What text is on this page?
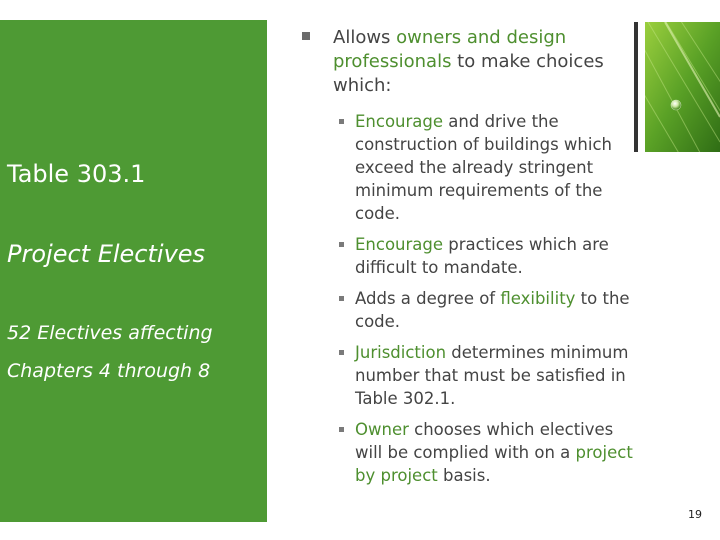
Table 303.1
Project Electives
52 Electives affecting Chapters 4 through 8
Allows owners and design professionals to make choices which:
Encourage and drive the construction of buildings which exceed the already stringent minimum requirements of the code.
Encourage practices which are difficult to mandate.
Adds a degree of flexibility to the code.
Jurisdiction determines minimum number that must be satisfied in Table 302.1.
Owner chooses which electives will be complied with on a project by project basis.
19
